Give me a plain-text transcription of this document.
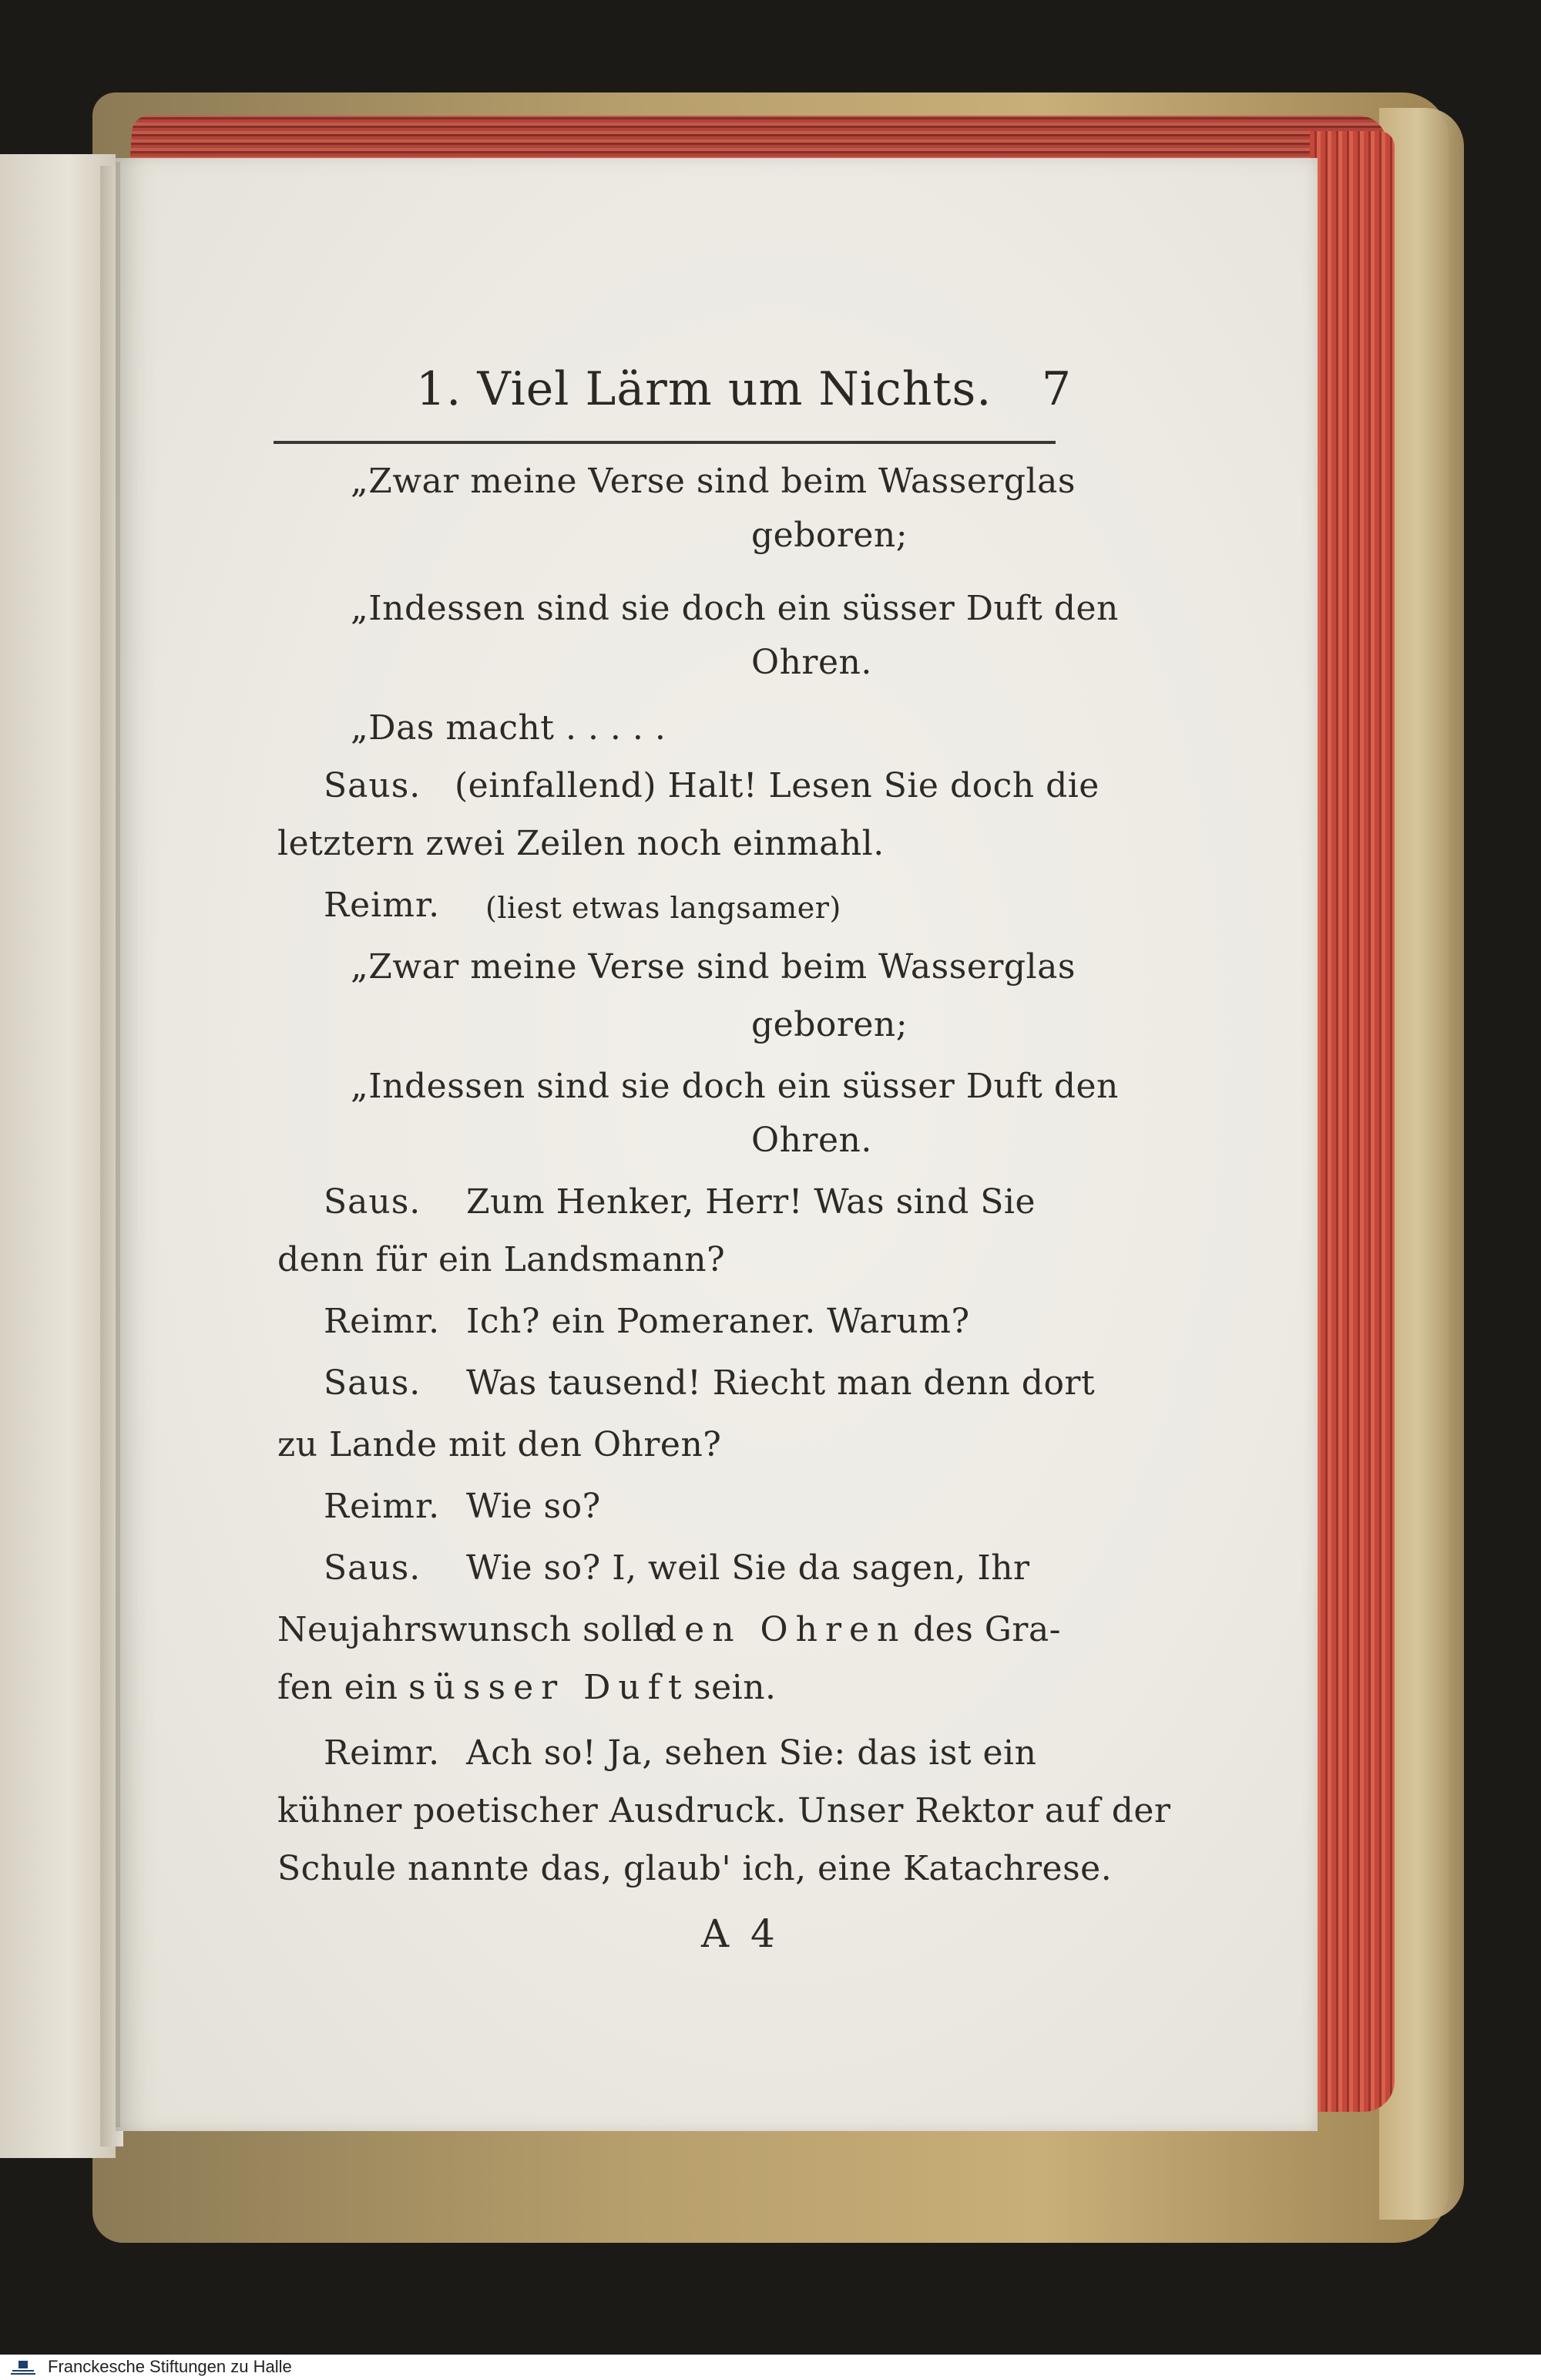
1. Viel Lärm um Nichts. 7
„Zwar meine Verse sind beim Wasserglas
geboren;
„Indessen sind sie doch ein süsser Duft den
Ohren.
„Das macht . . . . .
Saus. (einfallend) Halt! Lesen Sie doch die
letztern zwei Zeilen noch einmahl.
Reimr. (liest etwas langsamer)
„Zwar meine Verse sind beim Wasserglas
geboren;
„Indessen sind sie doch ein süsser Duft den
Ohren.
Saus. Zum Henker, Herr! Was sind Sie
denn für ein Landsmann?
Reimr. Ich? ein Pomeraner. Warum?
Saus. Was tausend! Riecht man denn dort
zu Lande mit den Ohren?
Reimr. Wie so?
Saus. Wie so? I, weil Sie da sagen, Ihr
Neujahrswunsch solle
den Ohren des Gra-
fen ein süsser Duft sein.
Reimr. Ach so! Ja, sehen Sie: das ist ein
kühner poetischer Ausdruck. Unser Rektor auf der
Schule nannte das, glaub' ich, eine Katachrese.
A 4
Franckesche Stiftungen zu Halle
